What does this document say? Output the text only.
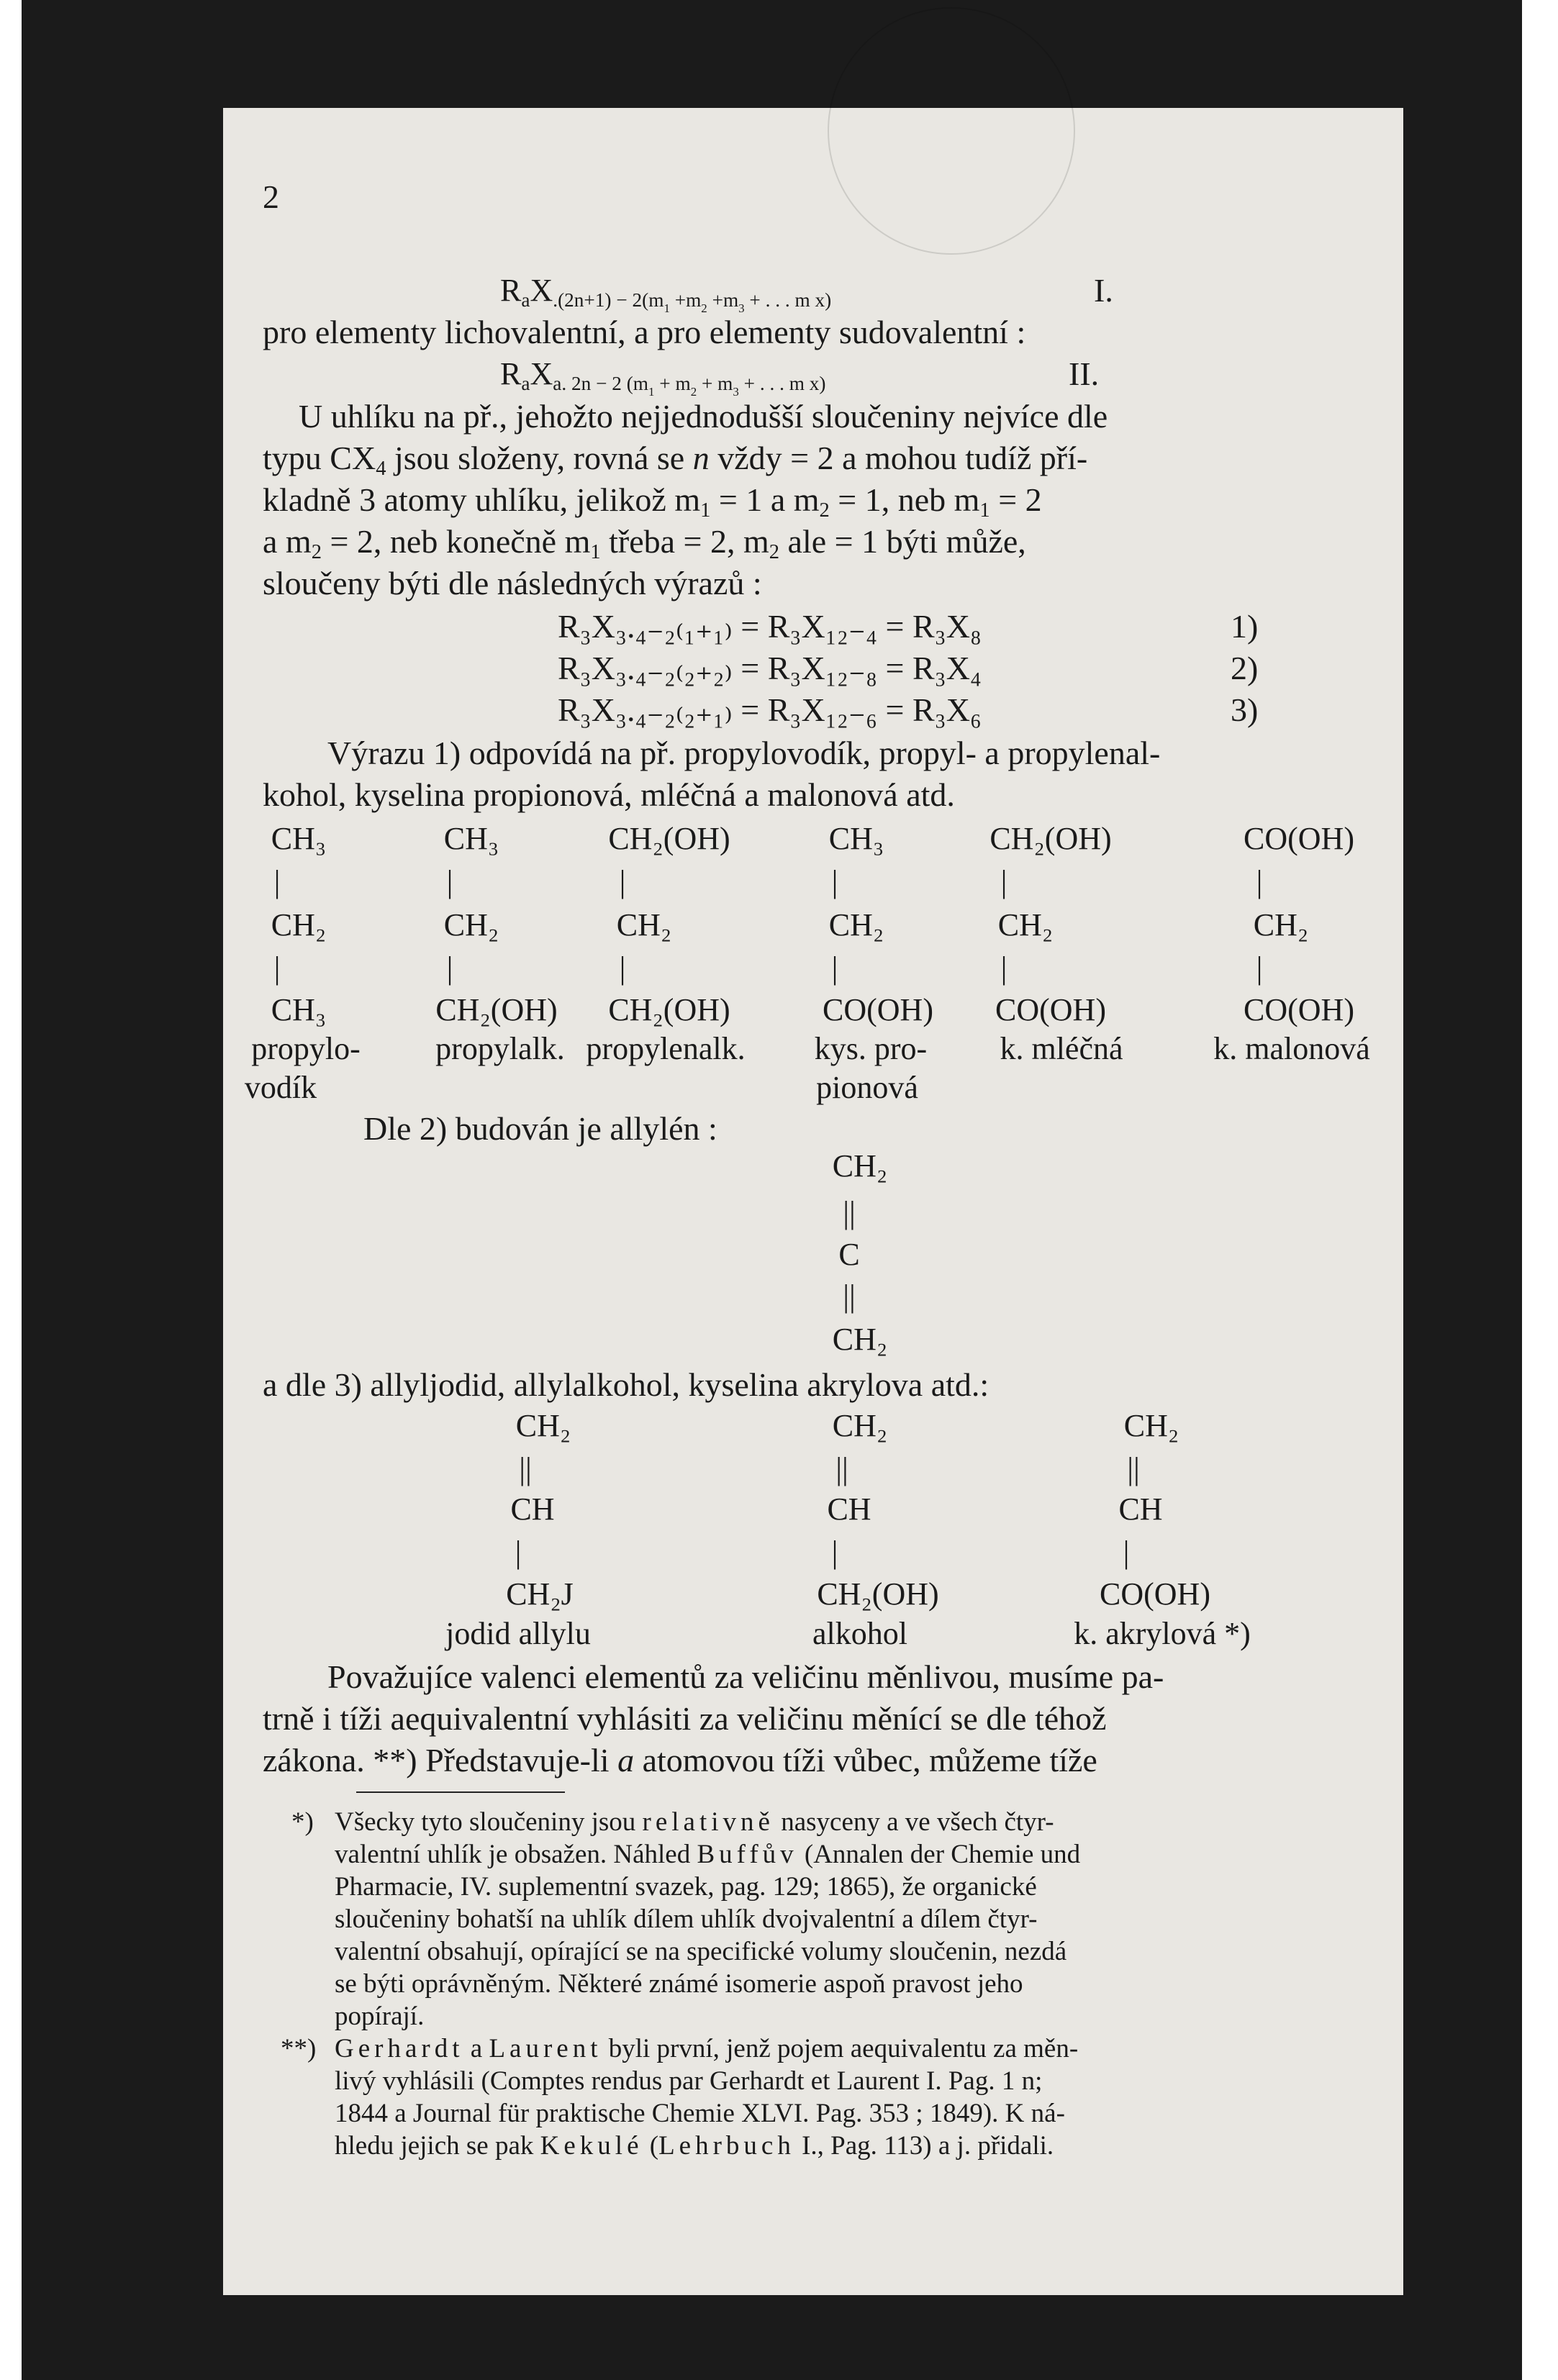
2
$R_aX_{.(2n+1) - 2(m_1 +m_2 +m_3 + . . . m x)}$	I.
pro elementy lichovalentní, a pro elementy sudovalentní :
$R_aX_{a. 2n - 2 (m_1 + m_2 + m_3 + . . . m x)}$	II.
U uhlíku na př., jehožto nejjednodušší sloučeniny nejvíce dle
typu $CX_4$ jsou složeny, rovná se n vždy = 2 a mohou tudíž pří-
kladně 3 atomy uhlíku, jelikož $m_1 = 1$ a $m_2 = 1$, neb $m_1 = 2$
a $m_2 = 2$, neb konečně $m_1$ třeba = 2, $m_2$ ale = 1 býti může,
sloučeny býti dle následných výrazů :
R₃X₃.₄₋₂₍₁₊₁₎ = R₃X₁₂₋₄ = R₃X₈	1)
R₃X₃.₄₋₂₍₂₊₂₎ = R₃X₁₂₋₈ = R₃X₄	2)
R₃X₃.₄₋₂₍₂₊₁₎ = R₃X₁₂₋₆ = R₃X₆	3)
Výrazu 1) odpovídá na př. propylovodík, propyl- a propylenal-
kohol, kyselina propionová, mléčná a malonová atd.
CH₃
|
CH₂
|
CH₃
propylo-
vodík
CH₃
|
CH₂
|
CH₂(OH)
propylalk.
CH₂(OH)
|
CH₂
|
CH₂(OH)
propylenalk.
CH₃
|
CH₂
|
CO(OH)
kys. pro-
pionová
CH₂(OH)
|
CH₂
|
CO(OH)
k. mléčná
CO(OH)
|
CH₂
|
CO(OH)
k. malonová
Dle 2) budován je allylén :
CH₂
||
C
||
CH₂
a dle 3) allyljodid, allylalkohol, kyselina akrylova atd.:
CH₂
||
CH
|
CH₂J
jodid allylu
CH₂
||
CH
|
CH₂(OH)
alkohol
CH₂
||
CH
|
CO(OH)
k. akrylová *)
Považujíce valenci elementů za veličinu měnlivou, musíme pa-
trně i tíži aequivalentní vyhlásiti za veličinu měnící se dle téhož
zákona. **) Představuje-li a atomovou tíži vůbec, můžeme tíže
*) Všecky tyto sloučeniny jsou relativně nasyceny a ve všech čtyr-
valentní uhlík je obsažen. Náhled Buffův (Annalen der Chemie und
Pharmacie, IV. suplementní svazek, pag. 129; 1865), že organické
sloučeniny bohatší na uhlík dílem uhlík dvojvalentní a dílem čtyr-
valentní obsahují, opírající se na specifické volumy sloučenin, nezdá
se býti oprávněným. Některé známé isomerie aspoň pravost jeho
popírají.
**) Gerhardt a Laurent byli první, jenž pojem aequivalentu za měn-
livý vyhlásili (Comptes rendus par Gerhardt et Laurent I. Pag. 1 n;
1844 a Journal für praktische Chemie XLVI. Pag. 353 ; 1849). K ná-
hledu jejich se pak Kekulé (Lehrbuch I., Pag. 113) a j. přidali.
